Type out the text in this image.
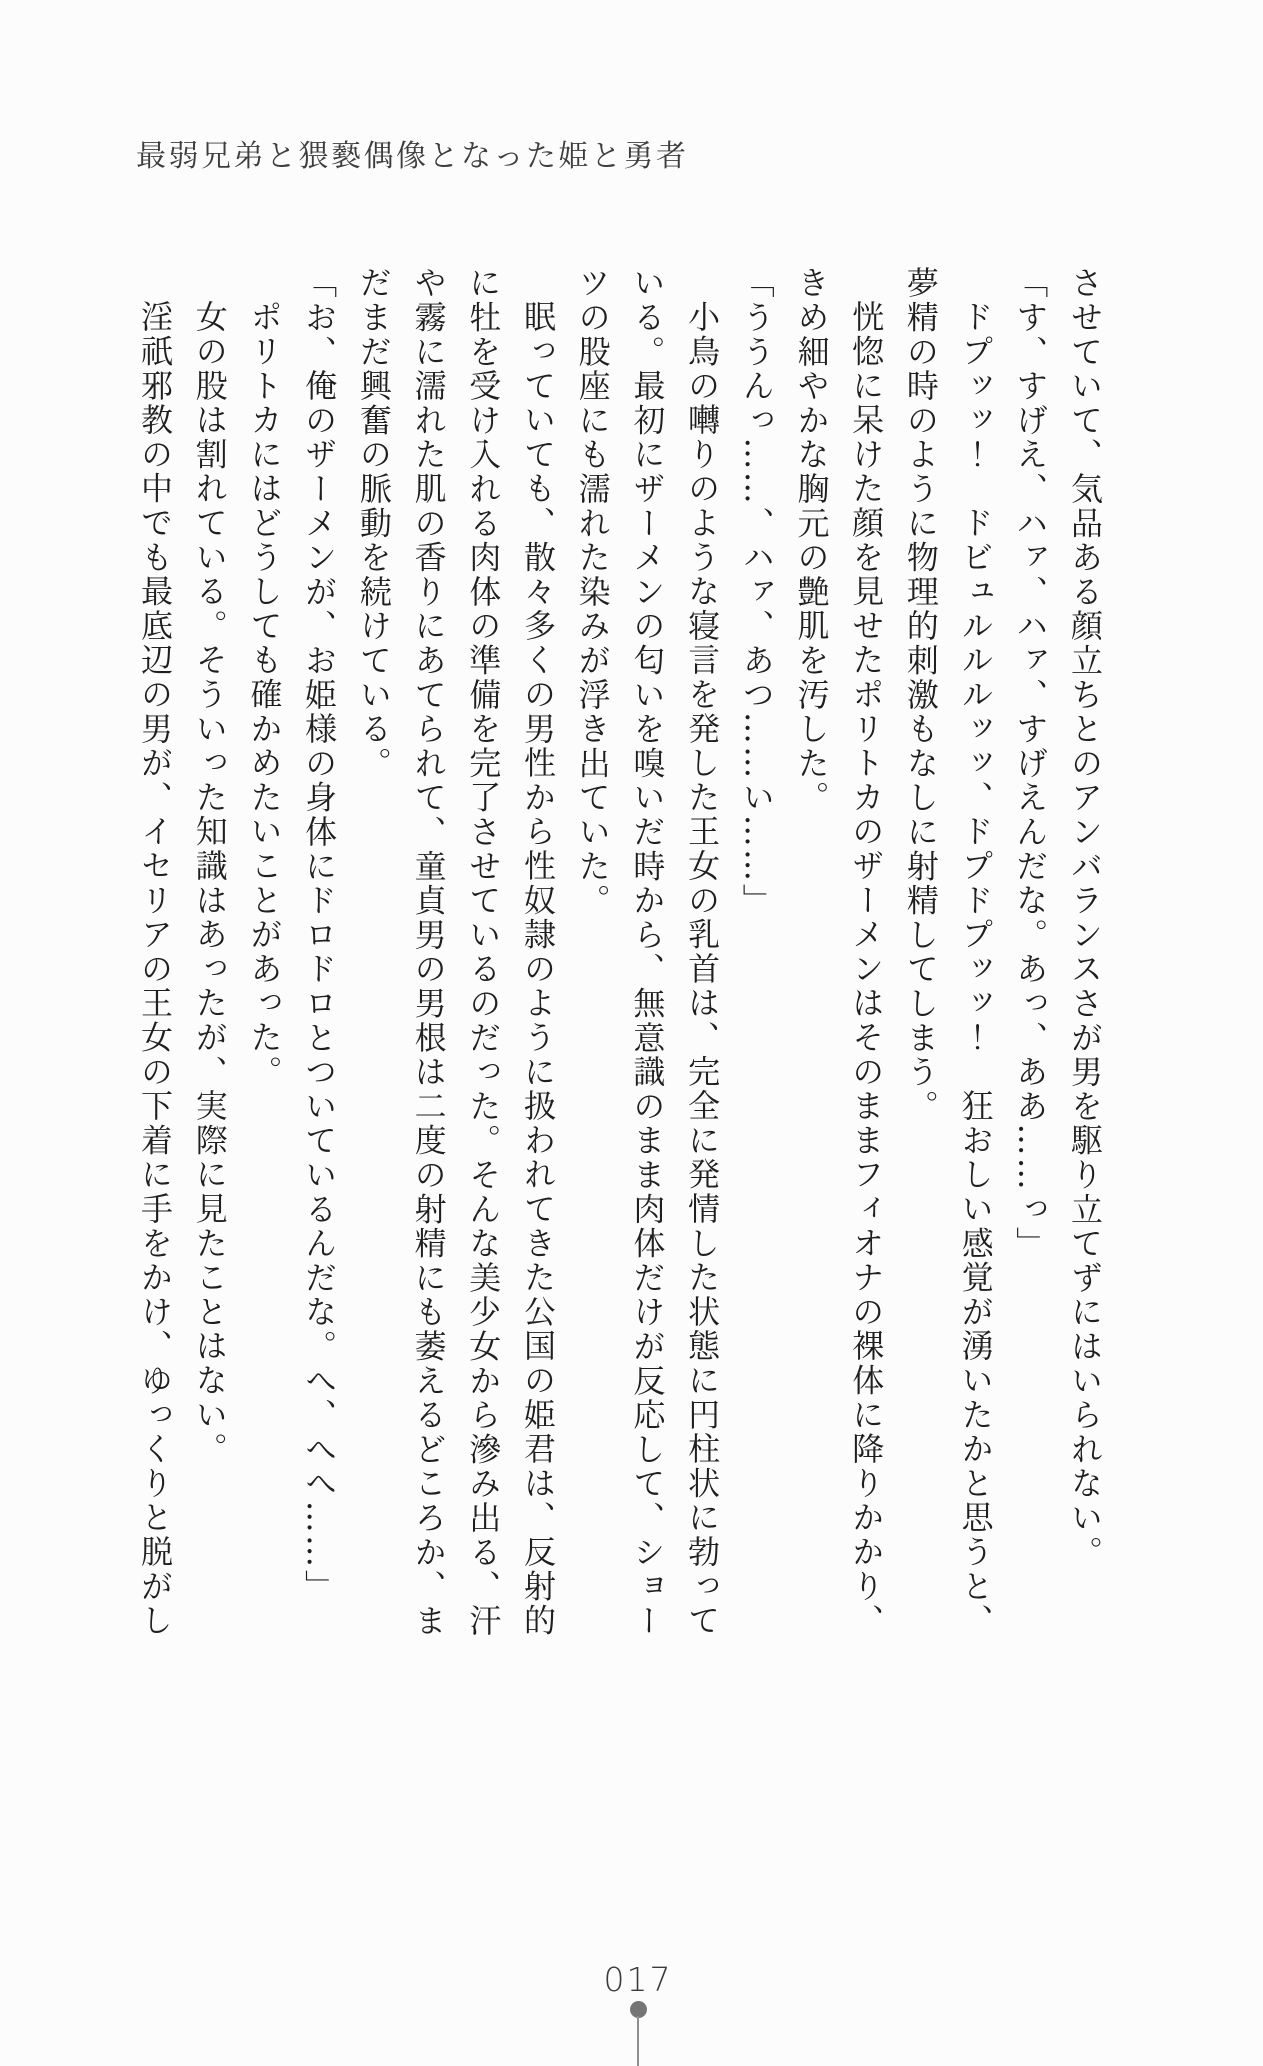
最弱兄弟と猥褻偶像となった姫と勇者

させていて、気品ある顔立ちとのアンバランスさが男を駆り立てずにはいられない。

「す、すげえ、ハァ、ハァ、すげえんだな。あっ、ああ……っ」

ドプッッ！　ドビュルルルッッ、ドプドプッッ！　狂おしい感覚が湧いたかと思うと、夢精の時のように物理的刺激もなしに射精してしまう。

恍惚に呆けた顔を見せたポリトカのザーメンはそのままフィオナの裸体に降りかかり、きめ細やかな胸元の艶肌を汚した。

「ううんっ……、ハァ、あつ……い……」

小鳥の囀りのような寝言を発した王女の乳首は、完全に発情した状態に円柱状に勃っている。最初にザーメンの匂いを嗅いだ時から、無意識のまま肉体だけが反応して、ショーツの股座にも濡れた染みが浮き出ていた。

眠っていても、散々多くの男性から性奴隷のように扱われてきた公国の姫君は、反射的に牡を受け入れる肉体の準備を完了させているのだった。そんな美少女から滲み出る、汗や霧に濡れた肌の香りにあてられて、童貞男の男根は二度の射精にも萎えるどころか、まだまだ興奮の脈動を続けている。

「お、俺のザーメンが、お姫様の身体にドロドロとついているんだな。へ、へへ……」

ポリトカにはどうしても確かめたいことがあった。

女の股は割れている。そういった知識はあったが、実際に見たことはない。

淫祇邪教の中でも最底辺の男が、イセリアの王女の下着に手をかけ、ゆっくりと脱がし

017
